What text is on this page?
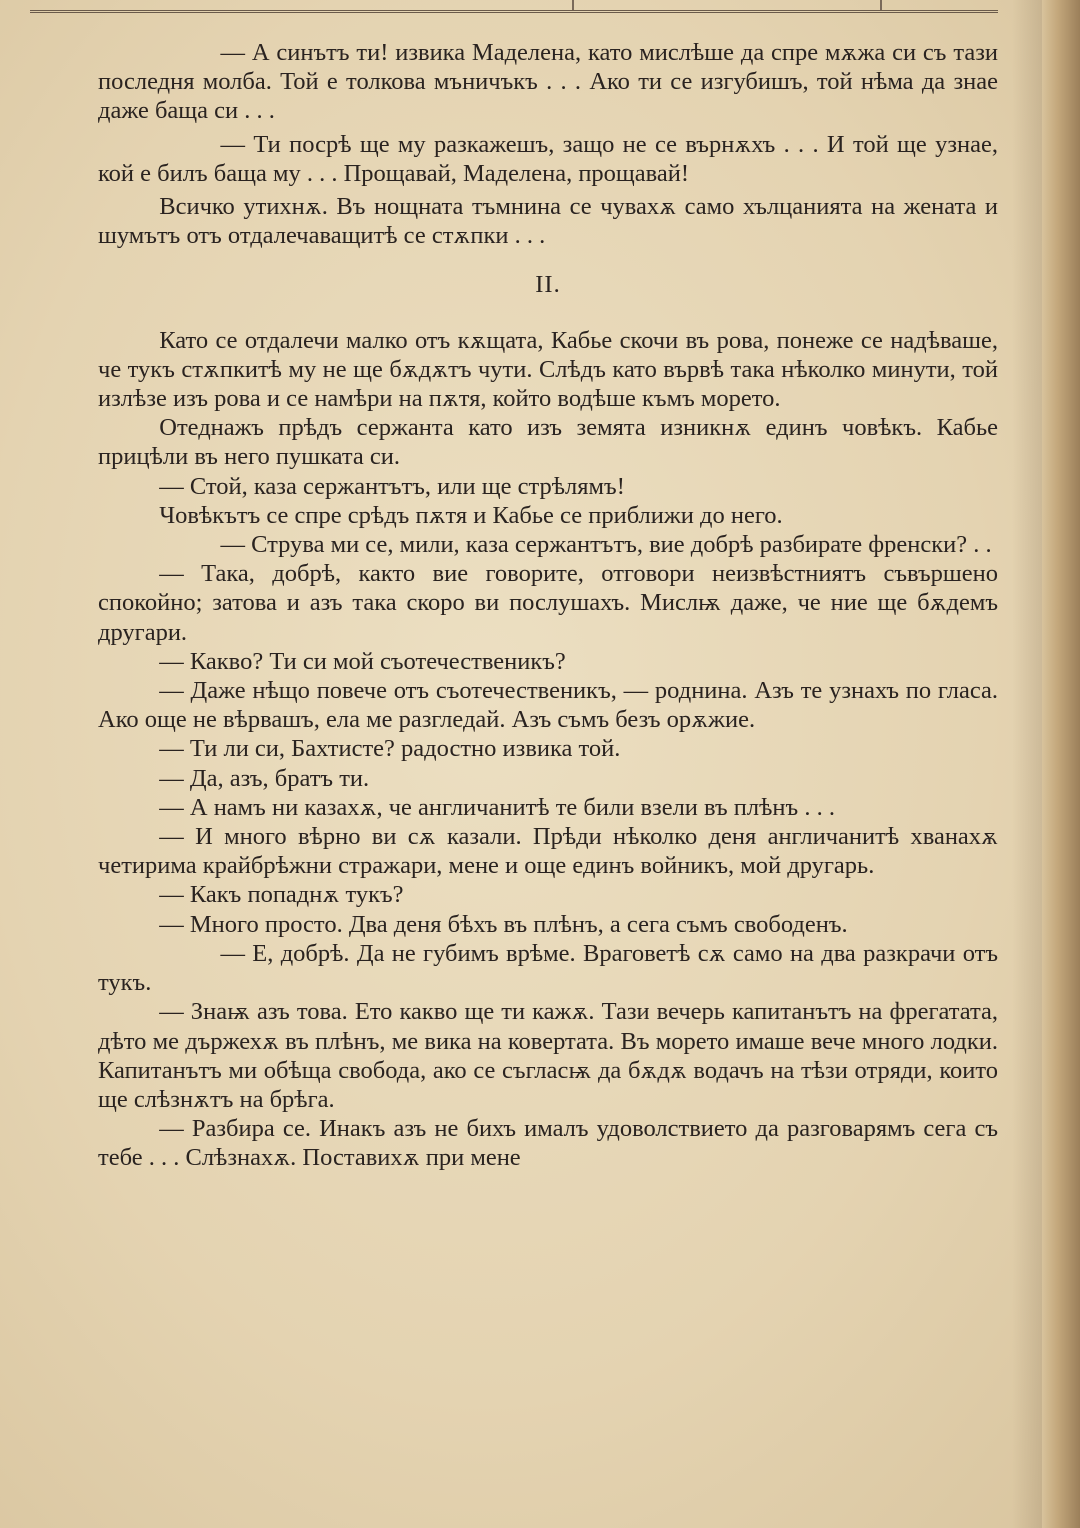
— А синътъ ти! извика Маделена, като мислѣше да спре мѫжа си съ тази последня молба. Той е толкова мъничъкъ . . . Ако ти се изгубишъ, той нѣма да знае даже баща си . . .

— Ти посрѣ ще му разкажешъ, защо не се върнѫхъ . . . И той ще узнае, кой е билъ баща му . . . Прощавай, Маделена, прощавай!

Всичко утихнѫ. Въ нощната тъмнина се чувахѫ само хълцанията на жената и шумътъ отъ отдалечаващитѣ се стѫпки . . .

II.

Като се отдалечи малко отъ кѫщата, Кабье скочи въ рова, понеже се надѣваше, че тукъ стѫпкитѣ му не ще бѫдѫтъ чути. Слѣдъ като вървѣ така нѣколко минути, той излѣзе изъ рова и се намѣри на пѫтя, който водѣше къмъ морето.

Отеднажъ прѣдъ сержанта като изъ земята изникнѫ единъ човѣкъ. Кабье прицѣли въ него пушката си.

— Стой, каза сержантътъ, или ще стрѣлямъ!

Човѣкътъ се спре срѣдъ пѫтя и Кабье се приближи до него.

— Струва ми се, мили, каза сержантътъ, вие добрѣ разбирате френски? . .

— Така, добрѣ, както вие говорите, отговори неизвѣстниятъ съвършено спокойно; затова и азъ така скоро ви послушахъ. Мислѭ даже, че ние ще бѫдемъ другари.

— Какво? Ти си мой съотечественикъ?

— Даже нѣщо повече отъ съотечественикъ, — роднина. Азъ те узнахъ по гласа. Ако още не вѣрвашъ, ела ме разгледай. Азъ съмъ безъ орѫжие.

— Ти ли си, Бахтисте? радостно извика той.

— Да, азъ, братъ ти.

— А намъ ни казахѫ, че англичанитѣ те били взели въ плѣнъ . . .

— И много вѣрно ви сѫ казали. Прѣди нѣколко деня англичанитѣ хванахѫ четирима крайбрѣжни стражари, мене и още единъ войникъ, мой другарь.

— Какъ попаднѫ тукъ?

— Много просто. Два деня бѣхъ въ плѣнъ, а сега съмъ свободенъ.

— Е, добрѣ. Да не губимъ врѣме. Враговетѣ сѫ само на два разкрачи отъ тукъ.

— Знаѭ азъ това. Ето какво ще ти кажѫ. Тази вечерь капитанътъ на фрегатата, дѣто ме държехѫ въ плѣнъ, ме вика на ковертата. Въ морето имаше вече много лодки. Капитанътъ ми обѣща свобода, ако се съгласѭ да бѫдѫ водачъ на тѣзи отряди, които ще слѣзнѫтъ на брѣга.

— Разбира се. Инакъ азъ не бихъ ималъ удоволствието да разговарямъ сега съ тебе . . . Слѣзнахѫ. Поставихѫ при мене
